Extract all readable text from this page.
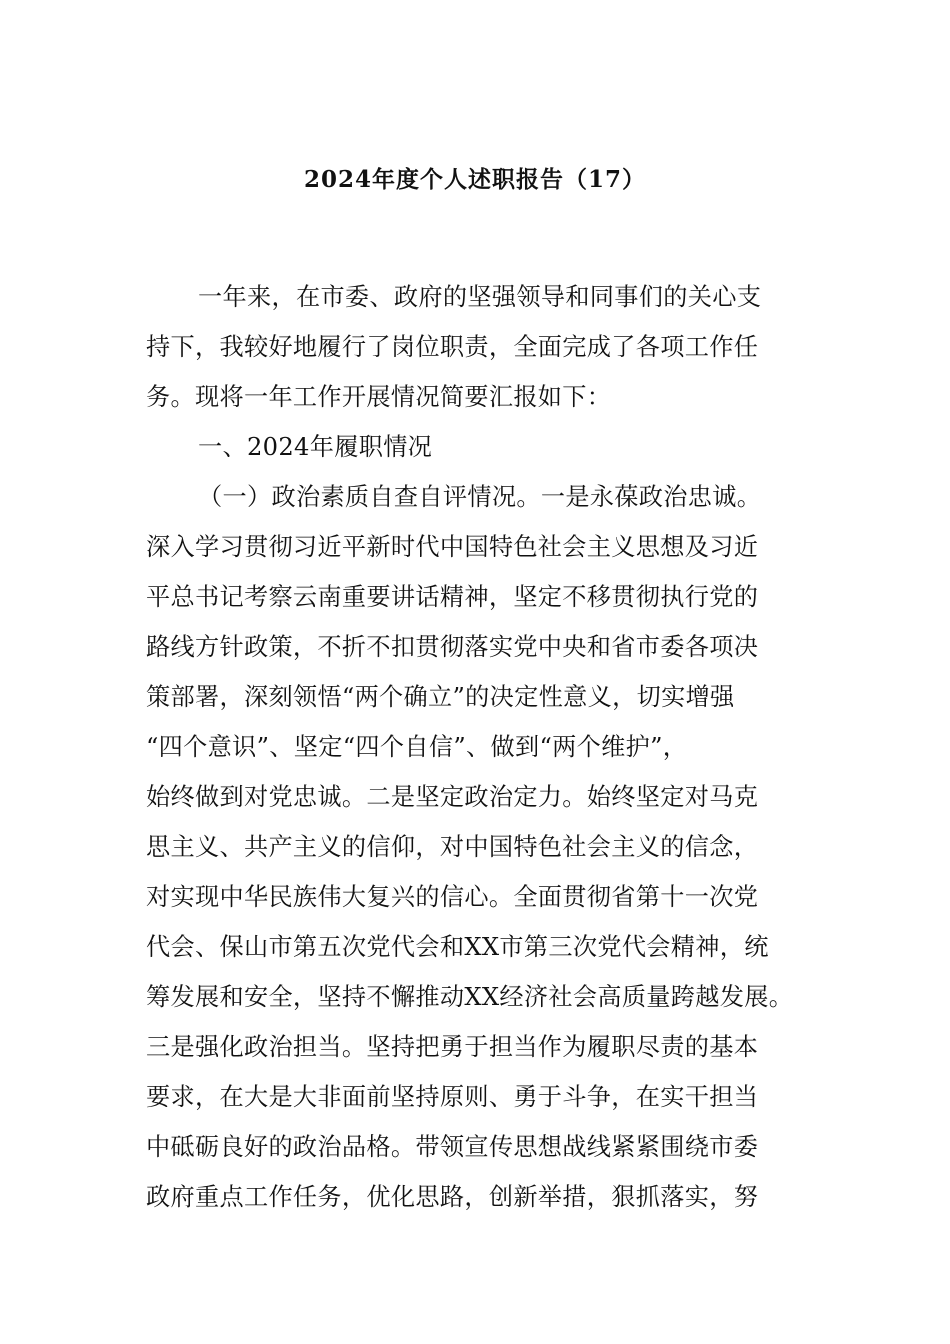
2024年度个人述职报告（17）
一年来，在市委、政府的坚强领导和同事们的关心支
持下，我较好地履行了岗位职责，全面完成了各项工作任
务。现将一年工作开展情况简要汇报如下：
一、2024年履职情况
（一）政治素质自查自评情况。一是永葆政治忠诚。
深入学习贯彻习近平新时代中国特色社会主义思想及习近
平总书记考察云南重要讲话精神，坚定不移贯彻执行党的
路线方针政策，不折不扣贯彻落实党中央和省市委各项决
策部署，深刻领悟“两个确立”的决定性意义，切实增强
“四个意识”、坚定“四个自信”、做到“两个维护”，
始终做到对党忠诚。二是坚定政治定力。始终坚定对马克
思主义、共产主义的信仰，对中国特色社会主义的信念，
对实现中华民族伟大复兴的信心。全面贯彻省第十一次党
代会、保山市第五次党代会和XX市第三次党代会精神，统
筹发展和安全，坚持不懈推动XX经济社会高质量跨越发展。
三是强化政治担当。坚持把勇于担当作为履职尽责的基本
要求，在大是大非面前坚持原则、勇于斗争，在实干担当
中砥砺良好的政治品格。带领宣传思想战线紧紧围绕市委
政府重点工作任务，优化思路，创新举措，狠抓落实，努
